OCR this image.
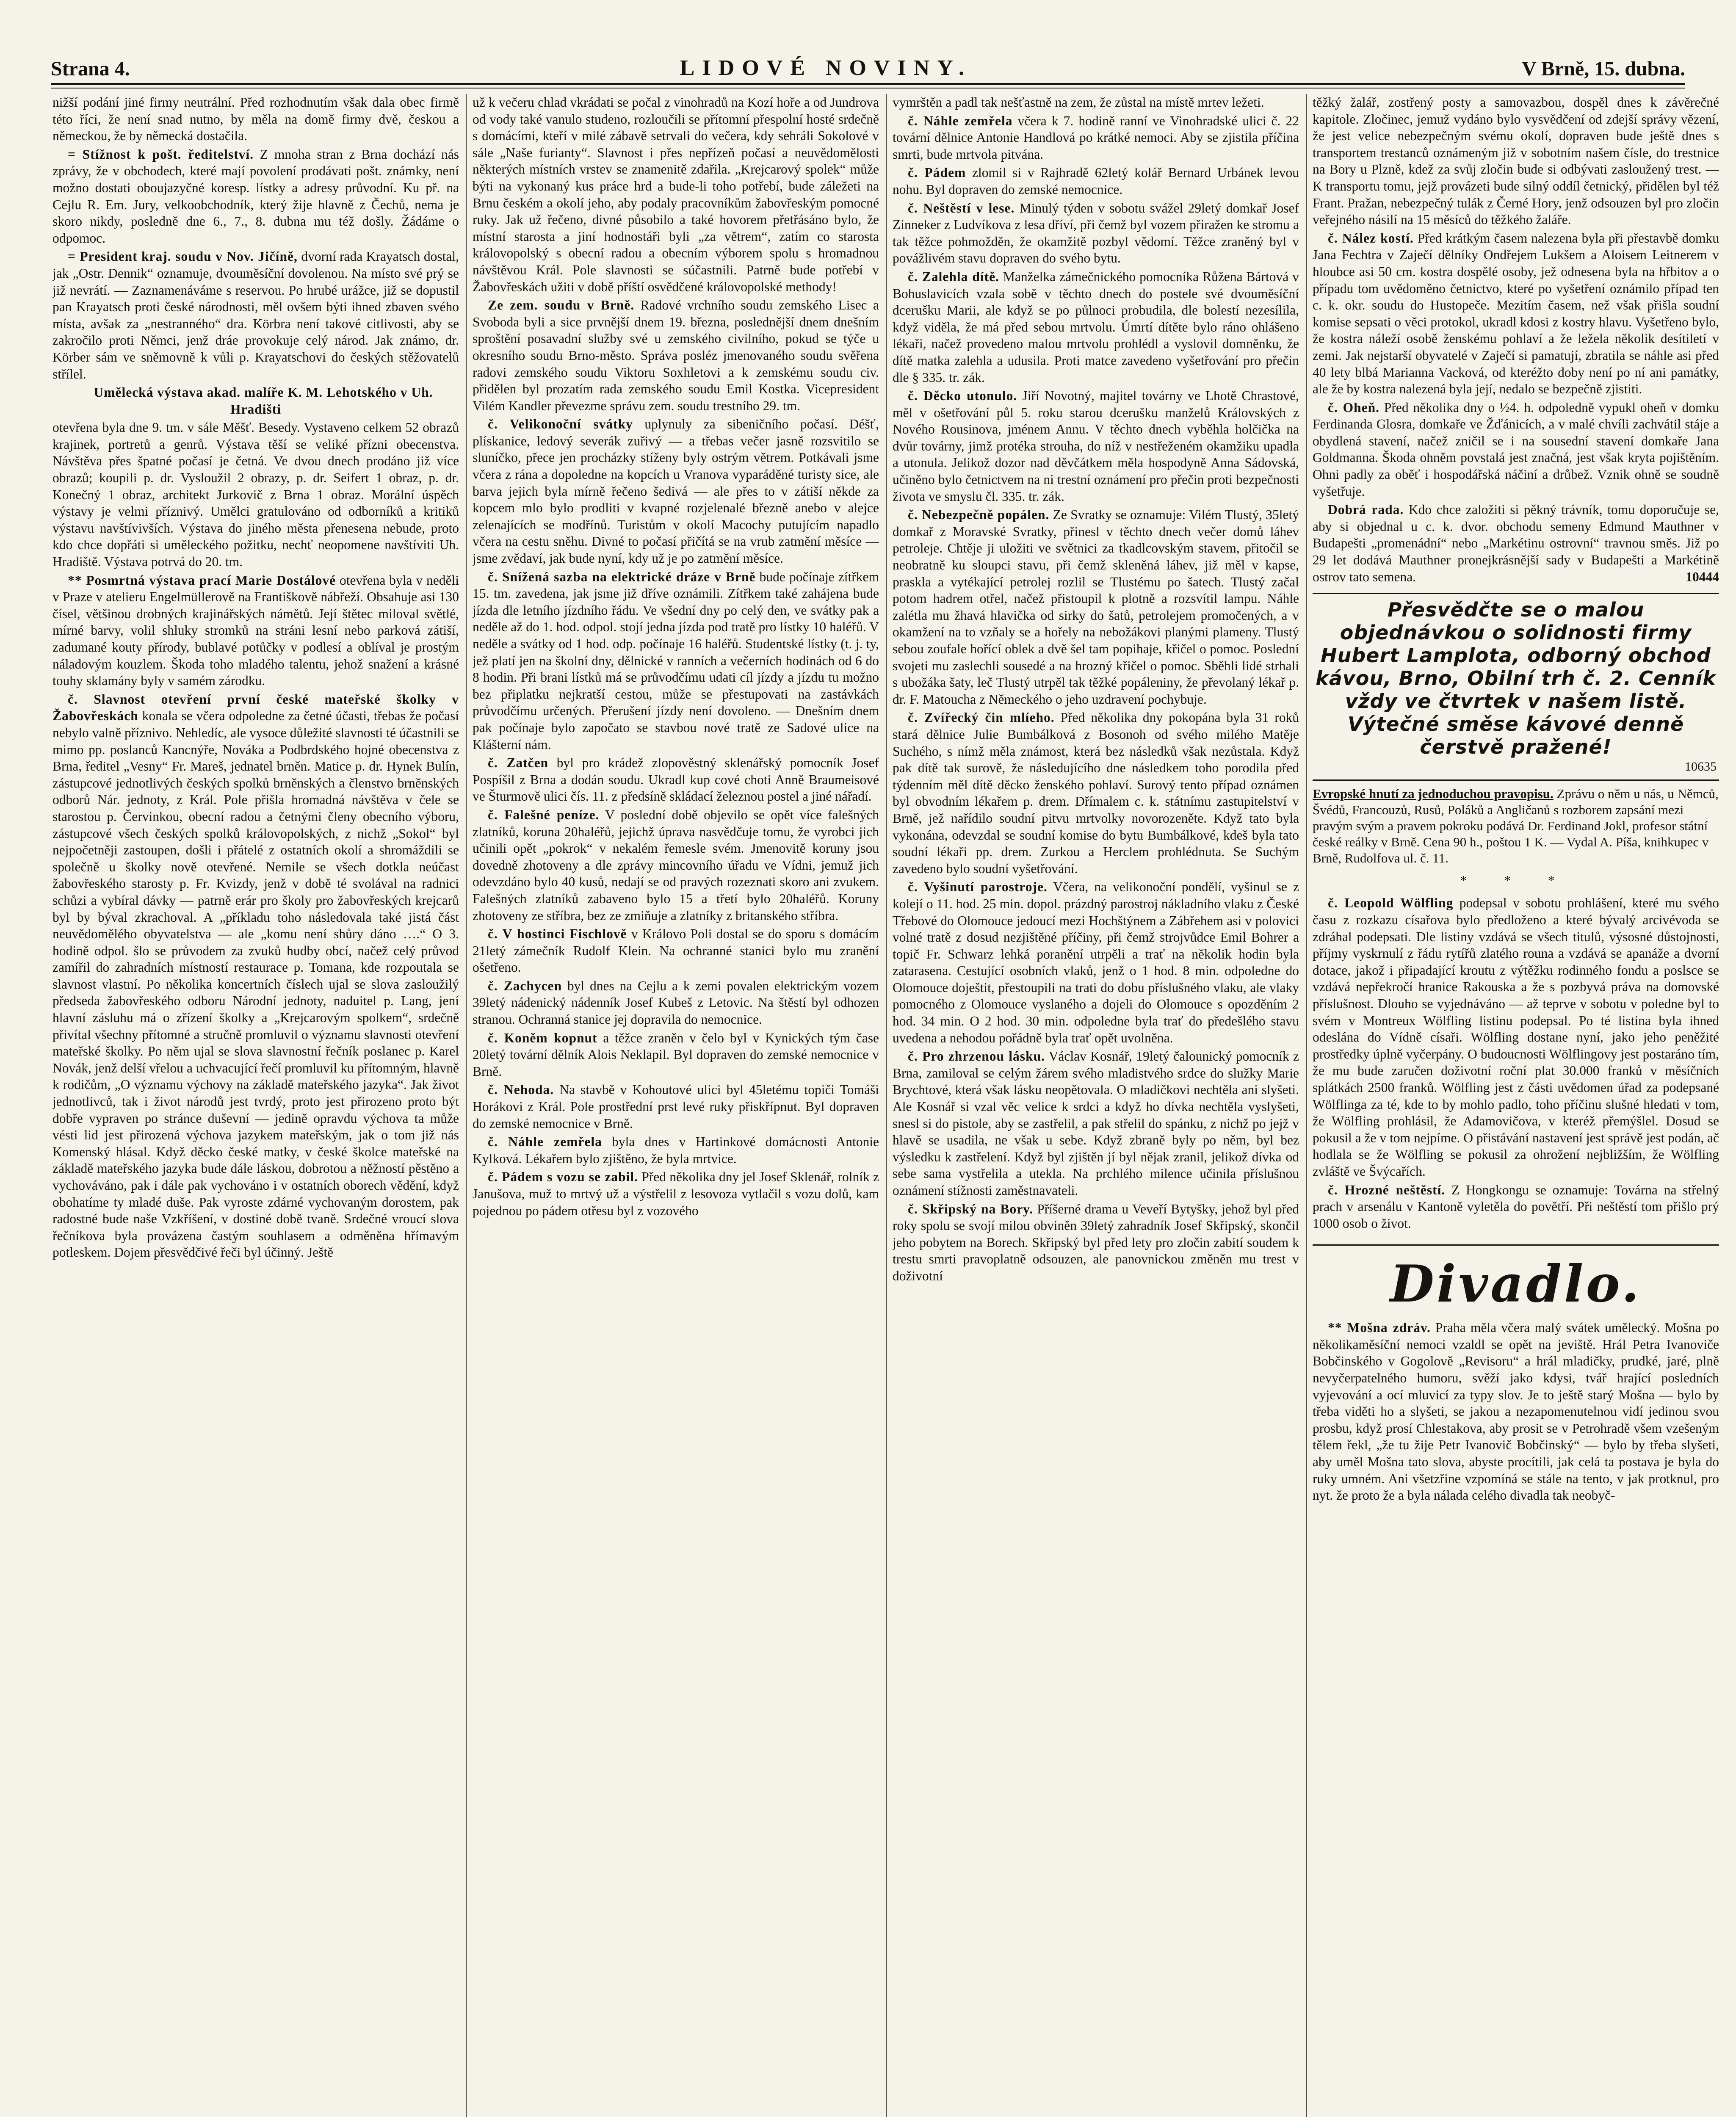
Strana 4.	LIDOVÉ NOVINY.	V Brně, 15. dubna.

nižší podání jiné firmy neutrální. Před rozhodnutím však dala obec firmě této říci, že není snad nutno, by měla na domě firmy dvě, českou a německou, že by německá dostačila.

= Stížnost k pošt. ředitelství. Z mnoha stran z Brna dochází nás zprávy, že v obchodech, které mají povolení prodávati pošt. známky, není možno dostati oboujazyčné koresp. lístky a adresy průvodní. Ku př. na Cejlu R. Em. Jury, velkoobchodník, který žije hlavně z Čechů, nema je skoro nikdy, posledně dne 6., 7., 8. dubna mu též došly. Žádáme o odpomoc.

= President kraj. soudu v Nov. Jičíně, dvorní rada Krayatsch dostal, jak „Ostr. Dennik“ oznamuje, dvouměsíční dovolenou. Na místo své prý se již nevrátí. — Zaznamenáváme s reservou. Po hrubé urážce, již se dopustil pan Krayatsch proti české národnosti, měl ovšem býti ihned zbaven svého místa, avšak za „nestranného“ dra. Körbra není takové citlivosti, aby se zakročilo proti Němci, jenž dráe provokuje celý národ. Jak známo, dr. Körber sám ve sněmovně k vůli p. Krayatschovi do českých stěžovatelů střílel.

Umělecká výstava akad. malíře K. M. Lehotského v Uh. Hradišti

otevřena byla dne 9. tm. v sále Měšť. Besedy. Vystaveno celkem 52 obrazů krajinek, portretů a genrů. Výstava těší se veliké přízni obecenstva. Návštěva přes špatné počasí je četná. Ve dvou dnech prodáno již více obrazů; koupili p. dr. Vysloužil 2 obrazy, p. dr. Seifert 1 obraz, p. dr. Konečný 1 obraz, architekt Jurkovič z Brna 1 obraz. Morální úspěch výstavy je velmi příznivý. Umělci gratulováno od odborníků a kritiků výstavu navštívivších. Výstava do jiného města přenesena nebude, proto kdo chce dopřáti si uměleckého požitku, nechť neopomene navštíviti Uh. Hradiště. Výstava potrvá do 20. tm.

** Posmrtná výstava prací Marie Dostálové otevřena byla v neděli v Praze v atelieru Engelmüllerově na Františkově nábřeží. Obsahuje asi 130 čísel, většinou drobných krajinářských námětů. Její štětec miloval světlé, mírné barvy, volil shluky stromků na stráni lesní nebo parková zátiší, zadumané kouty přírody, bublavé potůčky v podlesí a oblíval je prostým náladovým kouzlem. Škoda toho mladého talentu, jehož snažení a krásné touhy sklamány byly v samém zárodku.

č. Slavnost otevření první české mateřské školky v Žabovřeskách konala se včera odpoledne za četné účasti, třebas že počasí nebylo valně příznivo. Nehledíc, ale vysoce důležité slavnosti té účastnili se mimo pp. poslanců Kancnýře, Nováka a Podbrdského hojné obecenstva z Brna, ředitel „Vesny“ Fr. Mareš, jednatel brněn. Matice p. dr. Hynek Bulín, zástupcové jednotlivých českých spolků brněnských a členstvo brněnských odborů Nár. jednoty, z Král. Pole přišla hromadná návštěva v čele se starostou p. Červinkou, obecní radou a četnými členy obecního výboru, zástupcové všech českých spolků královopolských, z nichž „Sokol“ byl nejpočetněji zastoupen, došli i přátelé z ostatních okolí a shromáždili se společně u školky nově otevřené. Nemile se všech dotkla neúčast žabovřeského starosty p. Fr. Kvizdy, jenž v době té svolával na radnici schůzi a vybíral dávky — patrně erár pro školy pro žabovřeských krejcarů byl by býval zkrachoval. A „příkladu toho následovala také jistá část neuvědomělého obyvatelstva — ale „komu není shůry dáno ….“ O 3. hodině odpol. šlo se průvodem za zvuků hudby obcí, načež celý průvod zamířil do zahradních místností restaurace p. Tomana, kde rozpoutala se slavnost vlastní. Po několika koncertních číslech ujal se slova zasloužilý předseda žabovřeského odboru Národní jednoty, naduitel p. Lang, jení hlavní zásluhu má o zřízení školky a „Krejcarovým spolkem“, srdečně přivítal všechny přítomné a stručně promluvil o významu slavnosti otevření mateřské školky. Po něm ujal se slova slavnostní řečník poslanec p. Karel Novák, jenž delší vřelou a uchvacující řečí promluvil ku přítomným, hlavně k rodičům, „O významu výchovy na základě mateřského jazyka“. Jak život jednotlivců, tak i život národů jest tvrdý, proto jest přirozeno proto být dobře vypraven po stránce duševní — jedině opravdu výchova ta může vésti lid jest přirozená výchova jazykem mateřským, jak o tom již nás Komenský hlásal. Když děcko české matky, v české školce mateřské na základě mateřského jazyka bude dále láskou, dobrotou a něžností pěstěno a vychováváno, pak i dále pak vychováno i v ostatních oborech vědění, když obohatíme ty mladé duše. Pak vyroste zdárné vychovaným dorostem, pak radostné bude naše Vzkříšení, v dostiné době tvaně. Srdečné vroucí slova řečníkova byla provázena častým souhlasem a odměněna hřímavým potleskem. Dojem přesvědčivé řeči byl účinný. Ještě

už k večeru chlad vkrádati se počal z vinohradů na Kozí hoře a od Jundrova od vody také vanulo studeno, rozloučili se přítomní přespolní hosté srdečně s domácími, kteří v milé zábavě setrvali do večera, kdy sehráli Sokolové v sále „Naše furianty“. Slavnost i přes nepřízeň počasí a neuvědomělosti některých místních vrstev se znamenitě zdařila. „Krejcarový spolek“ může býti na vykonaný kus práce hrd a bude-li toho potřebí, bude záležeti na Brnu českém a okolí jeho, aby podaly pracovníkům žabovřeským pomocné ruky. Jak už řečeno, divné působilo a také hovorem přetřásáno bylo, že místní starosta a jiní hodnostáři byli „za větrem“, zatím co starosta královopolský s obecní radou a obecním výborem spolu s hromadnou návštěvou Král. Pole slavnosti se súčastnili. Patrně bude potřebí v Žabovřeskách užiti v době příští osvědčené královopolské methody!

Ze zem. soudu v Brně. Radové vrchního soudu zemského Lisec a Svoboda byli a sice prvnější dnem 19. března, poslednější dnem dnešním sproštění posavadní služby své u zemského civilního, pokud se týče u okresního soudu Brno-město. Správa posléz jmenovaného soudu svěřena radovi zemského soudu Viktoru Soxhletovi a k zemskému soudu civ. přidělen byl prozatím rada zemského soudu Emil Kostka. Vicepresident Vilém Kandler převezme správu zem. soudu trestního 29. tm.

č. Velikonoční svátky uplynuly za sibeničního počasí. Déšť, plískanice, ledový severák zuřivý — a třebas večer jasně rozsvitilo se sluníčko, přece jen procházky stíženy byly ostrým větrem. Potkávali jsme včera z rána a dopoledne na kopcích u Vranova vyparáděné turisty sice, ale barva jejich byla mírně řečeno šedivá — ale přes to v zátiší někde za kopcem mlo bylo prodliti v kvapné rozjelenalé březně anebo v alejce zelenajících se modřínů. Turistům v okolí Macochy putujícím napadlo včera na cestu sněhu. Divné to počasí přičítá se na vrub zatmění měsíce — jsme zvědaví, jak bude nyní, kdy už je po zatmění měsíce.

č. Snížená sazba na elektrické dráze v Brně bude počínaje zítřkem 15. tm. zavedena, jak jsme již dříve oznámili. Zítřkem také zahájena bude jízda dle letního jízdního řádu. Ve všední dny po celý den, ve svátky pak a neděle až do 1. hod. odpol. stojí jedna jízda pod tratě pro lístky 10 haléřů. V neděle a svátky od 1 hod. odp. počínaje 16 haléřů. Studentské lístky (t. j. ty, jež platí jen na školní dny, dělnické v ranních a večerních hodinách od 6 do 8 hodin. Při brani lístků má se průvodčímu udati cíl jízdy a jízdu tu možno bez připlatku nejkratší cestou, může se přestupovati na zastávkách průvodčímu určených. Přerušení jízdy není dovoleno. — Dnešním dnem pak počínaje bylo započato se stavbou nové tratě ze Sadové ulice na Klášterní nám.

č. Zatčen byl pro krádež zlopověstný sklenářský pomocník Josef Pospíšil z Brna a dodán soudu. Ukradl kup cové choti Anně Braumeisové ve Šturmově ulici čís. 11. z předsíně skládací železnou postel a jiné nářadí.

č. Falešné peníze. V poslední době objevilo se opět více falešných zlatníků, koruna 20haléřů, jejichž úprava nasvědčuje tomu, že vyrobci jich učinili opět „pokrok“ v nekalém řemesle svém. Jmenovitě koruny jsou dovedně zhotoveny a dle zprávy mincovního úřadu ve Vídni, jemuž jich odevzdáno bylo 40 kusů, nedají se od pravých rozeznati skoro ani zvukem. Falešných zlatníků zabaveno bylo 15 a třetí bylo 20haléřů. Koruny zhotoveny ze stříbra, bez ze zmiňuje a zlatníky z britanského stříbra.

č. V hostinci Fischlově v Královo Poli dostal se do sporu s domácím 21letý zámečník Rudolf Klein. Na ochranné stanici bylo mu zranění ošetřeno.

č. Zachycen byl dnes na Cejlu a k zemi povalen elektrickým vozem 39letý nádenický nádenník Josef Kubeš z Letovic. Na štěstí byl odhozen stranou. Ochranná stanice jej dopravila do nemocnice.

č. Koněm kopnut a těžce zraněn v čelo byl v Kynických tým čase 20letý tovární dělník Alois Neklapil. Byl dopraven do zemské nemocnice v Brně.

č. Nehoda. Na stavbě v Kohoutové ulici byl 45letému topiči Tomáši Horákovi z Král. Pole prostřední prst levé ruky přiskřípnut. Byl dopraven do zemské nemocnice v Brně.

č. Náhle zemřela byla dnes v Hartinkové domácnosti Antonie Kylková. Lékařem bylo zjištěno, že byla mrtvice.

č. Pádem s vozu se zabil. Před několika dny jel Josef Sklenář, rolník z Janušova, muž to mrtvý už a výstřelil z lesovoza vytlačil s vozu dolů, kam pojednou po pádem otřesu byl z vozového

vymrštěn a padl tak nešťastně na zem, že zůstal na místě mrtev ležeti.

č. Náhle zemřela včera k 7. hodině ranní ve Vinohradské ulici č. 22 tovární dělnice Antonie Handlová po krátké nemoci. Aby se zjistila příčina smrti, bude mrtvola pitvána.

č. Pádem zlomil si v Rajhradě 62letý kolář Bernard Urbánek levou nohu. Byl dopraven do zemské nemocnice.

č. Neštěstí v lese. Minulý týden v sobotu svážel 29letý domkař Josef Zinneker z Ludvíkova z lesa dříví, při čemž byl vozem přiražen ke stromu a tak těžce pohmožděn, že okamžitě pozbyl vědomí. Těžce zraněný byl v povážlivém stavu dopraven do svého bytu.

č. Zalehla dítě. Manželka zámečnického pomocníka Růžena Bártová v Bohuslavicích vzala sobě v těchto dnech do postele své dvouměsíční dcerušku Marii, ale když se po půlnoci probudila, dle bolestí nezesílila, když viděla, že má před sebou mrtvolu. Úmrtí dítěte bylo ráno ohlášeno lékaři, načež provedeno malou mrtvolu prohlédl a vyslovil domněnku, že dítě matka zalehla a udusila. Proti matce zavedeno vyšetřování pro přečin dle § 335. tr. zák.

č. Děcko utonulo. Jiří Novotný, majitel továrny ve Lhotě Chrastové, měl v ošetřování půl 5. roku starou dcerušku manželů Královských z Nového Rousinova, jménem Annu. V těchto dnech vyběhla holčička na dvůr továrny, jimž protéka strouha, do níž v nestřeženém okamžiku upadla a utonula. Jelikož dozor nad děvčátkem měla hospodyně Anna Sádovská, učiněno bylo četnictvem na ni trestní oznámení pro přečin proti bezpečnosti života ve smyslu čl. 335. tr. zák.

č. Nebezpečně popálen. Ze Svratky se oznamuje: Vilém Tlustý, 35letý domkař z Moravské Svratky, přinesl v těchto dnech večer domů láhev petroleje. Chtěje ji uložiti ve světnici za tkadlcovským stavem, přitočil se neobratně ku sloupci stavu, při čemž skleněná láhev, již měl v kapse, praskla a vytékající petrolej rozlil se Tlustému po šatech. Tlustý začal potom hadrem otřel, načež přistoupil k plotně a rozsvítil lampu. Náhle zalétla mu žhavá hlavička od sirky do šatů, petrolejem promočených, a v okamžení na to vzňaly se a hořely na nebožákovi planými plameny. Tlustý sebou zoufale hořící oblek a dvě šel tam popihaje, křičel o pomoc. Poslední svojeti mu zaslechli sousedé a na hrozný křičel o pomoc. Sběhli lidé strhali s ubožáka šaty, leč Tlustý utrpěl tak těžké popáleniny, že převolaný lékař p. dr. F. Matoucha z Německého o jeho uzdravení pochybuje.

č. Zvířecký čin mlíeho. Před několika dny pokopána byla 31 roků stará dělnice Julie Bumbálková z Bosonoh od svého milého Matěje Suchého, s nímž měla známost, která bez následků však nezůstala. Když pak dítě tak surově, že následujícího dne následkem toho porodila před týdenním měl dítě děcko ženského pohlaví. Surový tento případ oznámen byl obvodním lékařem p. drem. Dřímalem c. k. státnímu zastupitelství v Brně, jež nařídilo soudní pitvu mrtvolky novorozeněte. Když tato byla vykonána, odevzdal se soudní komise do bytu Bumbálkové, kdeš byla tato soudní lékaři pp. drem. Zurkou a Herclem prohlédnuta. Se Suchým zavedeno bylo soudní vyšetřování.

č. Vyšinutí parostroje. Včera, na velikonoční pondělí, vyšinul se z kolejí o 11. hod. 25 min. dopol. prázdný parostroj nákladního vlaku z České Třebové do Olomouce jedoucí mezi Hochštýnem a Zábřehem asi v polovici volné tratě z dosud nezjištěné příčiny, při čemž strojvůdce Emil Bohrer a topič Fr. Schwarz lehká poranění utrpěli a trať na několik hodin byla zatarasena. Cestující osobních vlaků, jenž o 1 hod. 8 min. odpoledne do Olomouce doještit, přestoupili na trati do dobu příslušného vlaku, ale vlaky pomocného z Olomouce vyslaného a dojeli do Olomouce s opozděním 2 hod. 34 min. O 2 hod. 30 min. odpoledne byla trať do předešlého stavu uvedena a nehodou pořádně byla trať opět uvolněna.

č. Pro zhrzenou lásku. Václav Kosnář, 19letý čalounický pomocník z Brna, zamiloval se celým žárem svého mladistvého srdce do služky Marie Brychtové, která však lásku neopětovala. O mladičkovi nechtěla ani slyšeti. Ale Kosnář si vzal věc velice k srdci a když ho dívka nechtěla vyslyšeti, snesl si do pistole, aby se zastřelil, a pak střelil do spánku, z nichž po jejž v hlavě se usadila, ne však u sebe. Když zbraně byly po něm, byl bez výsledku k zastřelení. Když byl zjištěn jí byl nějak zranil, jelikož dívka od sebe sama vystřelila a utekla. Na prchlého milence učinila příslušnou oznámení stížnosti zaměstnavateli.

č. Skřipský na Bory. Příšerné drama u Veveří Bytyšky, jehož byl před roky spolu se svojí milou obviněn 39letý zahradník Josef Skřipský, skončil jeho pobytem na Borech. Skřipský byl před lety pro zločin zabití soudem k trestu smrti pravoplatně odsouzen, ale panovnickou změněn mu trest v doživotní

těžký žalář, zostřený posty a samovazbou, dospěl dnes k závěrečné kapitole. Zločinec, jemuž vydáno bylo vysvědčení od zdejší správy vězení, že jest velice nebezpečným svému okolí, dopraven bude ještě dnes s transportem trestanců oznámeným již v sobotním našem čísle, do trestnice na Bory u Plzně, kdež za svůj zločin bude si odbývati zasloužený trest. — K transportu tomu, jejž provázeti bude silný oddíl četnický, přidělen byl též Frant. Pražan, nebezpečný tulák z Černé Hory, jenž odsouzen byl pro zločin veřejného násilí na 15 měsíců do těžkého žaláře.

č. Nález kostí. Před krátkým časem nalezena byla při přestavbě domku Jana Fechtra v Zaječí dělníky Ondřejem Lukšem a Aloisem Leitnerem v hloubce asi 50 cm. kostra dospělé osoby, jež odnesena byla na hřbitov a o případu tom uvědoměno četnictvo, které po vyšetření oznámilo případ ten c. k. okr. soudu do Hustopeče. Mezitím časem, než však přišla soudní komise sepsati o věci protokol, ukradl kdosi z kostry hlavu. Vyšetřeno bylo, že kostra náleží osobě ženskému pohlaví a že ležela několik desítiletí v zemi. Jak nejstarší obyvatelé v Zaječí si pamatují, zbratila se náhle asi před 40 lety blbá Marianna Vacková, od kteréžto doby není po ní ani památky, ale že by kostra nalezená byla její, nedalo se bezpečně zjistiti.

č. Oheň. Před několika dny o ½4. h. odpoledně vypukl oheň v domku Ferdinanda Glosra, domkaře ve Žďánicích, a v malé chvíli zachvátil stáje a obydlená stavení, načež zničil se i na sousední stavení domkaře Jana Goldmanna. Škoda ohněm povstalá jest značná, jest však kryta pojištěním. Ohni padly za oběť i hospodářská náčiní a drůbež. Vznik ohně se soudně vyšetřuje.

Dobrá rada. Kdo chce založiti si pěkný trávník, tomu doporučuje se, aby si objednal u c. k. dvor. obchodu semeny Edmund Mauthner v Budapešti „promenádní“ nebo „Markétinu ostrovní“ travnou směs. Již po 29 let dodává Mauthner pronejkrásnější sady v Budapešti a Markétině ostrov tato semena.	10444

Přesvědčte se o malou objednávkou o solidnosti firmy Hubert Lamplota, odborný obchod kávou, Brno, Obilní trh č. 2. Cenník vždy ve čtvrtek v našem listě. Výtečné směse kávové denně čerstvě pražené!
10635
Evropské hnutí za jednoduchou pravopisu. Zprávu o něm u nás, u Němců, Švédů, Francouzů, Rusů, Poláků a Angličanů s rozborem zapsání mezi pravým svým a pravem pokroku podává Dr. Ferdinand Jokl, profesor státní české reálky v Brně. Cena 90 h., poštou 1 K. — Vydal A. Píša, knihkupec v Brně, Rudolfova ul. č. 11.
* * *

č. Leopold Wölfling podepsal v sobotu prohlášení, které mu svého času z rozkazu císařova bylo předloženo a které bývalý arcivévoda se zdráhal podepsati. Dle listiny vzdává se všech titulů, výsosné důstojnosti, příjmy vyskrnulí z řádu rytířů zlatého rouna a vzdává se apanáže a dvorní dotace, jakož i připadající kroutu z výtěžku rodinného fondu a poslsce se vzdává nepřekročí hranice Rakouska a že s pozbyvá práva na domovské příslušnost. Dlouho se vyjednáváno — až teprve v sobotu v poledne byl to svém v Montreux Wölfling listinu podepsal. Po té listina byla ihned odeslána do Vídně císaři. Wölfling dostane nyní, jako jeho peněžité prostředky úplně vyčerpány. O budoucnosti Wölflingovy jest postaráno tím, že mu bude zaručen doživotní roční plat 30.000 franků v měsíčních splátkách 2500 franků. Wölfling jest z části uvědomen úřad za podepsané Wölflinga za té, kde to by mohlo padlo, toho příčinu slušné hledati v tom, že Wölfling prohlásil, že Adamovičova, v kteréž přemýšlel. Dosud se pokusil a že v tom nejpíme. O přistávání nastavení jest správě jest podán, ač hodlala se že Wölfling se pokusil za ohrožení nejbližším, že Wölfling zvláště ve Švýcařích.

č. Hrozné neštěstí. Z Hongkongu se oznamuje: Továrna na střelný prach v arsenálu v Kantoně vyletěla do povětří. Při neštěstí tom přišlo prý 1000 osob o život.

Divadlo.

** Mošna zdráv. Praha měla včera malý svátek umělecký. Mošna po několikaměsíční nemoci vzaldl se opět na jeviště. Hrál Petra Ivanoviče Bobčinského v Gogolově „Revisoru“ a hrál mladičky, prudké, jaré, plně nevyčerpatelného humoru, svěží jako kdysi, tvář hrající posledních vyjevování a ocí mluvicí za typy slov. Je to ještě starý Mošna — bylo by třeba viděti ho a slyšeti, se jakou a nezapomenutelnou vidí jedinou svou prosbu, když prosí Chlestakova, aby prosit se v Petrohradě všem vzešeným tělem řekl, „že tu žije Petr Ivanovič Bobčinský“ — bylo by třeba slyšeti, aby uměl Mošna tato slova, abyste procítili, jak celá ta postava je byla do ruky umném. Ani všetzřine vzpomíná se stále na tento, v jak protknul, pro nyt. že proto že a byla nálada celého divadla tak neobyč-
